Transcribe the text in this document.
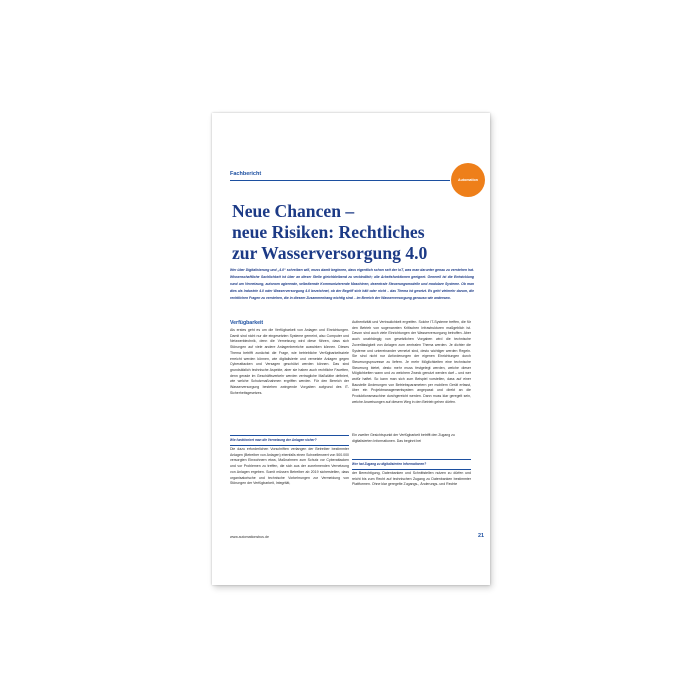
Fachbericht
Automation
Neue Chancen –
neue Risiken: Rechtliches
zur Wasserversorgung 4.0

Wer über Digitalisierung und „4.0“ schreiben will, muss damit beginnen, dass eigentlich schon seit der IoT, was man darunter genau zu verstehen hat. Wissenschaftliche Sachlichkeit ist über an dieser Stelle gleichbleibend zu verbindlich; alle Arbeitsfunktionen geeignet. Generell ist die Entwicklung rund um Vernetzung, autonom agierende, selbstlernde Kommunizierende Maschinen, dezentrale Steuerungsmodelle und modulare Systeme. Ob man dies als Industrie 4.0 oder Wasserversorgung 4.0 bezeichnet, ob der Begriff sich hält oder nicht – das Thema ist gesetzt. Es geht vielmehr darum, die rechtlichen Fragen zu verstehen, die in diesem Zusammenhang wichtig sind – im Bereich der Wasserversorgung genauso wie anderswo.

Verfügbarkeit

Als erstes geht es um die Verfügbarkeit von Anlagen und Einrichtungen. Damit sind nicht nur die eingesetzten Systeme gemeint, also Computer und Netzwerktechnik, denn die Vernetzung wird diese führen, dass sich Störungen auf viele andere Anlagenbereiche auswirken können. Dieses Thema betrifft zunächst die Frage, wie betriebliche Verfügbarkeitsziele erreicht werden können, wie digitalisierte und vernetzte Anlagen gegen Cyberattacken und Versagen geschützt werden können. Das sind grundsätzlich technische Aspekte, aber sie haben auch rechtliche Facetten, denn gerade im Geschäftsverkehr werden vertragliche Maßstäbe definiert, wie welche Schutzmaßnahmen ergriffen werden. Für den Bereich der Wasserversorgung bestehen zwingende Vorgaben aufgrund des IT-Sicherheitsgesetzes.

Wie funktioniert man die Vernetzung der Anlagen sicher?

Die dazu erforderlichen Vorschriften verlangen der Betreiber bestimmter Anlagen (Betreiber von Anlagen) ebenfalls einen Schwellenwert von 500.000 versorgten Einwohnern etwa, Maßnahmen zum Schutz vor Cyberattacken und vor Problemen zu treffen, die sich aus der zunehmenden Vernetzung von Anlagen ergeben. Somit müssen Betreiber ab 2019 sicherstellen, dass organisatorische und technische Vorkehrungen zur Vermeidung von Störungen der Verfügbarkeit, Integrität,

Authentizität und Vertraulichkeit ergreifen. Solche IT-Systeme treffen, die für den Betrieb von sogenannten Kritischen Infrastrukturen maßgeblich ist. Davon sind auch viele Einrichtungen der Wasserversorgung betroffen. Aber auch unabhängig von gesetzlichen Vorgaben wird die technische Zuverlässigkeit von Anlagen zum zentralen Thema werden. Je dichter die Systeme und untereinander vernetzt sind, desto wichtiger werden Regeln. Sie sind nicht nur Anforderungen der eigenen Einrichtungen durch Steuerungsprozesse zu liefern. Je mehr Möglichkeiten eine technische Steuerung bietet, desto mehr muss festgelegt werden, welche dieser Möglichkeiten wann und zu welchem Zweck genutzt werden darf – und wer wofür haftet. So kann man sich zum Beispiel vorstellen, dass auf einer Baustelle Änderungen von Betriebsparametern per mobilem Gerät erfasst, über ein Projektmanagementsystem angepasst und direkt an die Produktionsmaschine durchgereicht werden. Dann muss klar geregelt sein, welche Anweisungen auf diesem Weg in den Betrieb gehen dürfen.

Ein zweiter Gesichtspunkt der Verfügbarkeit betrifft den Zugang zu digitalisierten Informationen. Das beginnt bei
Wer hat Zugang zu digitalisierten Informationen?

der Berechtigung, Datenbanken und Schnittstellen nutzen zu dürfen und reicht bis zum Recht auf technischen Zugang zu Datenbanken bestimmter Plattformen. Ohne klar geregelte Zugangs-, Änderungs- und Rechte

www.automationsbus.de	21
